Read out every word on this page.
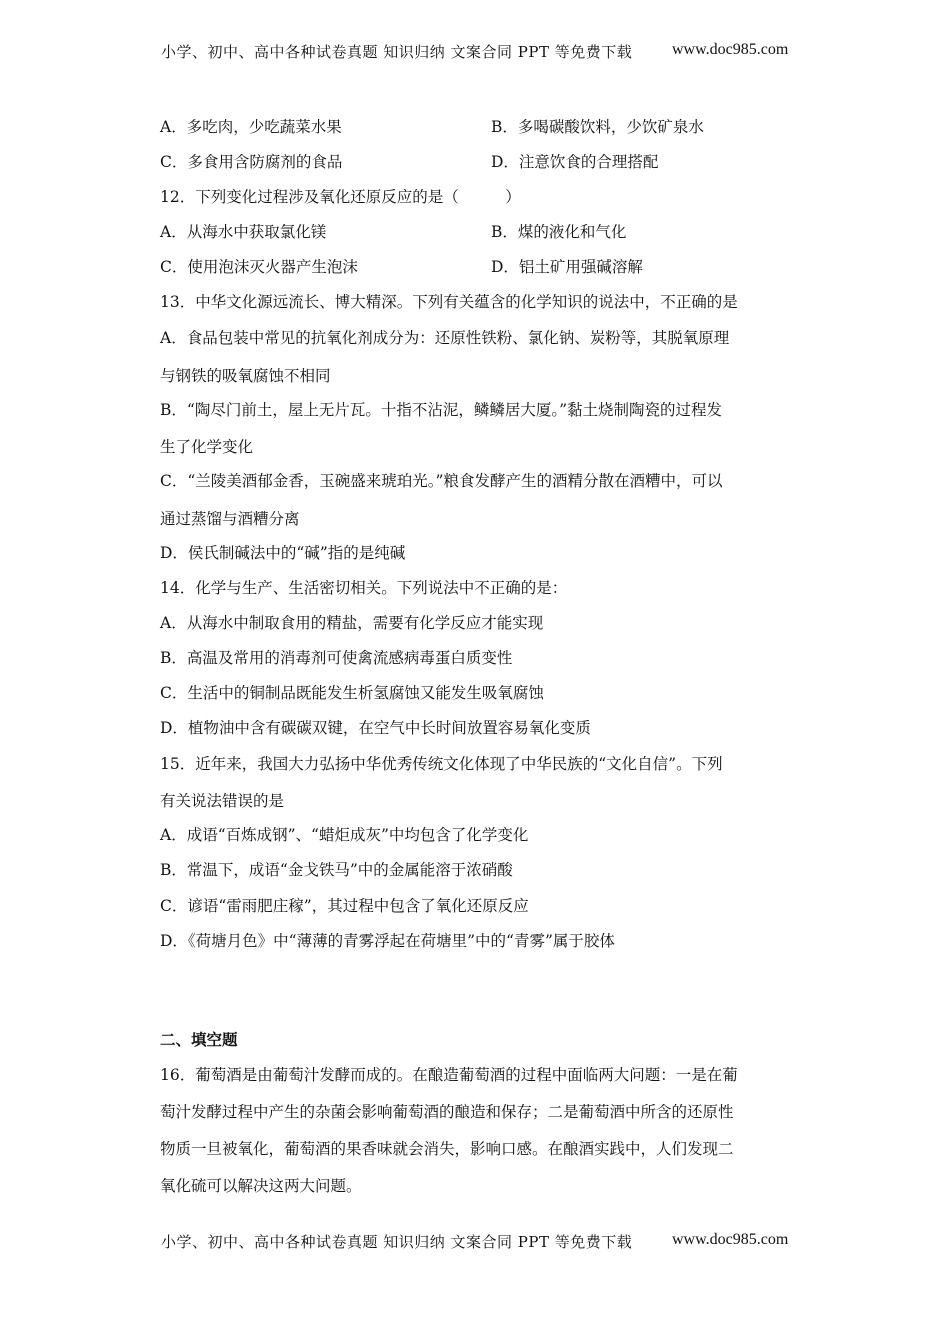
小学、初中、高中各种试卷真题 知识归纳 文案合同 PPT 等免费下载 www.doc985.com
A．多吃肉，少吃蔬菜水果	B．多喝碳酸饮料，少饮矿泉水
C．多食用含防腐剂的食品	D．注意饮食的合理搭配
12．下列变化过程涉及氧化还原反应的是（　　　）
A．从海水中获取氯化镁	B．煤的液化和气化
C．使用泡沫灭火器产生泡沫	D．铝土矿用强碱溶解
13．中华文化源远流长、博大精深。下列有关蕴含的化学知识的说法中，不正确的是
A．食品包装中常见的抗氧化剂成分为：还原性铁粉、氯化钠、炭粉等，其脱氧原理
与钢铁的吸氧腐蚀不相同
B．“陶尽门前土，屋上无片瓦。十指不沾泥，鳞鳞居大厦。”黏土烧制陶瓷的过程发
生了化学变化
C．“兰陵美酒郁金香，玉碗盛来琥珀光。”粮食发酵产生的酒精分散在酒糟中，可以
通过蒸馏与酒糟分离
D．侯氏制碱法中的“碱”指的是纯碱
14．化学与生产、生活密切相关。下列说法中不正确的是：
A．从海水中制取食用的精盐，需要有化学反应才能实现
B．高温及常用的消毒剂可使禽流感病毒蛋白质变性
C．生活中的铜制品既能发生析氢腐蚀又能发生吸氧腐蚀
D．植物油中含有碳碳双键，在空气中长时间放置容易氧化变质
15．近年来，我国大力弘扬中华优秀传统文化体现了中华民族的“文化自信”。下列
有关说法错误的是
A．成语“百炼成钢”、“蜡炬成灰”中均包含了化学变化
B．常温下，成语“金戈铁马”中的金属能溶于浓硝酸
C．谚语“雷雨肥庄稼”，其过程中包含了氧化还原反应
D．《荷塘月色》中“薄薄的青雾浮起在荷塘里”中的“青雾”属于胶体
二、填空题
16．葡萄酒是由葡萄汁发酵而成的。在酿造葡萄酒的过程中面临两大问题：一是在葡
萄汁发酵过程中产生的杂菌会影响葡萄酒的酿造和保存；二是葡萄酒中所含的还原性
物质一旦被氧化，葡萄酒的果香味就会消失，影响口感。在酿酒实践中，人们发现二
氧化硫可以解决这两大问题。
小学、初中、高中各种试卷真题 知识归纳 文案合同 PPT 等免费下载 www.doc985.com
